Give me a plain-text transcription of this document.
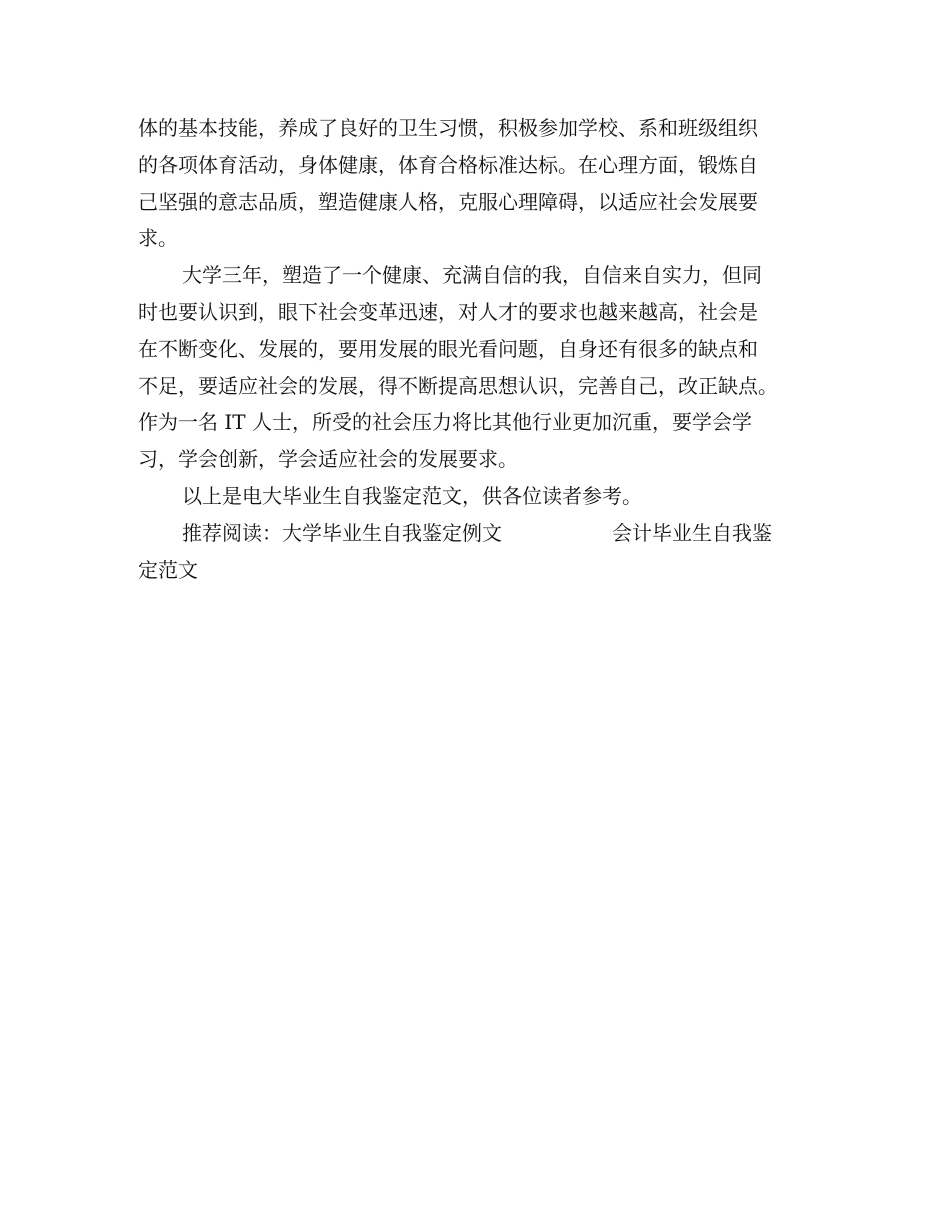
体的基本技能，养成了良好的卫生习惯，积极参加学校、系和班级组织
的各项体育活动，身体健康，体育合格标准达标。在心理方面，锻炼自
己坚强的意志品质，塑造健康人格，克服心理障碍，以适应社会发展要
求。
大学三年，塑造了一个健康、充满自信的我，自信来自实力，但同
时也要认识到，眼下社会变革迅速，对人才的要求也越来越高，社会是
在不断变化、发展的，要用发展的眼光看问题，自身还有很多的缺点和
不足，要适应社会的发展，得不断提高思想认识，完善自己，改正缺点。
作为一名 IT 人士，所受的社会压力将比其他行业更加沉重，要学会学
习，学会创新，学会适应社会的发展要求。
以上是电大毕业生自我鉴定范文，供各位读者参考。
推荐阅读：大学毕业生自我鉴定例文	会计毕业生自我鉴
定范文
